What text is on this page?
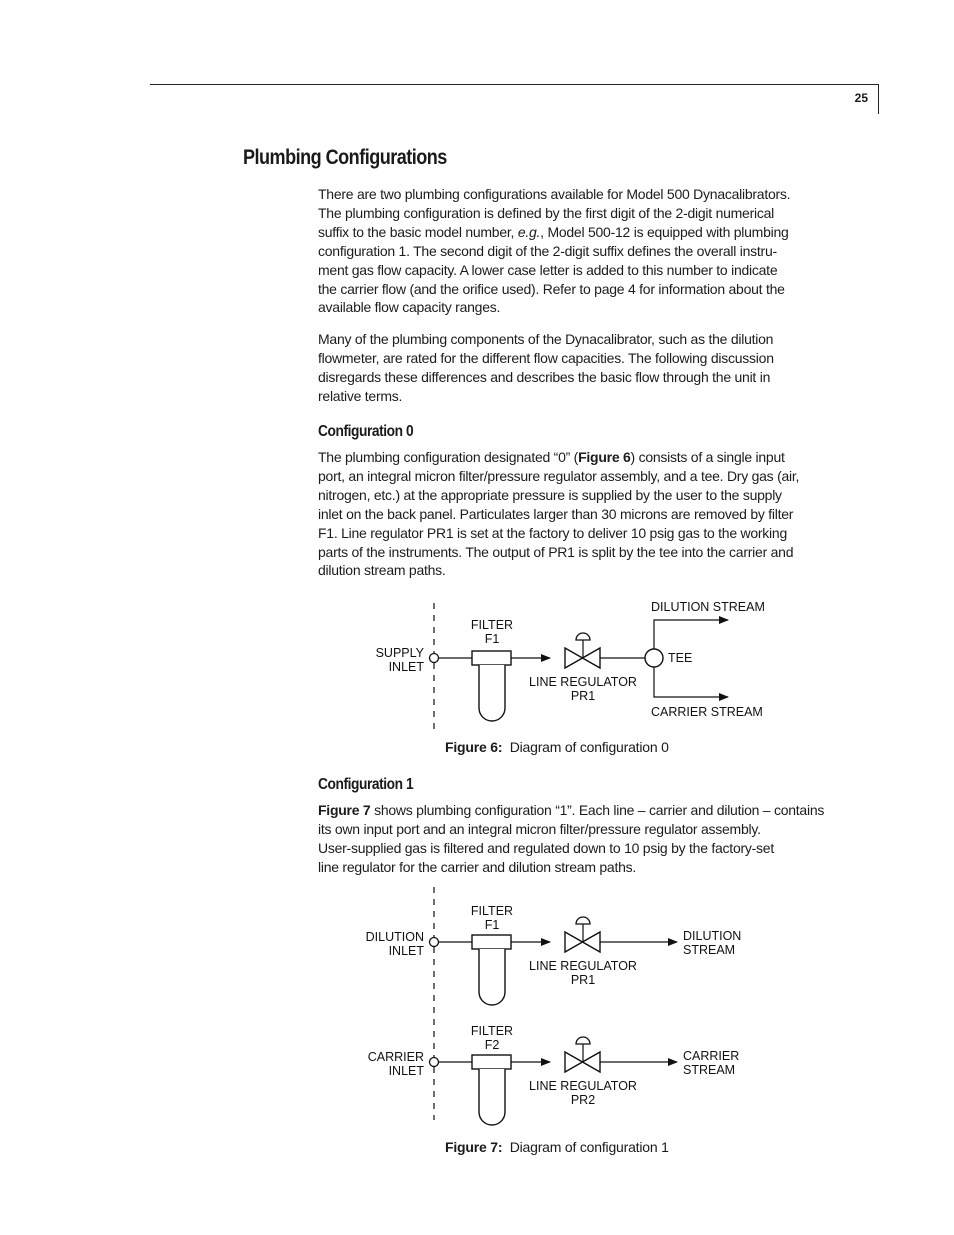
25
Plumbing Configurations

There are two plumbing configurations available for Model 500 Dynacalibrators.

The plumbing configuration is defined by the first digit of the 2-digit numerical

suffix to the basic model number, e.g., Model 500-12 is equipped with plumbing

configuration 1. The second digit of the 2-digit suffix defines the overall instru-

ment gas flow capacity. A lower case letter is added to this number to indicate

the carrier flow (and the orifice used). Refer to page 4 for information about the

available flow capacity ranges.

Many of the plumbing components of the Dynacalibrator, such as the dilution

flowmeter, are rated for the different flow capacities. The following discussion

disregards these differences and describes the basic flow through the unit in

relative terms.

Configuration 0

The plumbing configuration designated “0” (Figure 6) consists of a single input

port, an integral micron filter/pressure regulator assembly, and a tee. Dry gas (air,

nitrogen, etc.) at the appropriate pressure is supplied by the user to the supply

inlet on the back panel. Particulates larger than 30 microns are removed by filter

F1. Line regulator PR1 is set at the factory to deliver 10 psig gas to the working

parts of the instruments. The output of PR1 is split by the tee into the carrier and

dilution stream paths.

SUPPLY
INLET
FILTER
F1
LINE REGULATOR
PR1
TEE
DILUTION STREAM
CARRIER STREAM
DILUTION
INLET
FILTER
F1
LINE REGULATOR
PR1
DILUTION
STREAM
CARRIER
INLET
FILTER
F2
LINE REGULATOR
PR2
CARRIER
STREAM
Figure 6: Diagram of configuration 0
Configuration 1

Figure 7 shows plumbing configuration “1”. Each line – carrier and dilution – contains

its own input port and an integral micron filter/pressure regulator assembly.

User-supplied gas is filtered and regulated down to 10 psig by the factory-set

line regulator for the carrier and dilution stream paths.

Figure 7: Diagram of configuration 1
